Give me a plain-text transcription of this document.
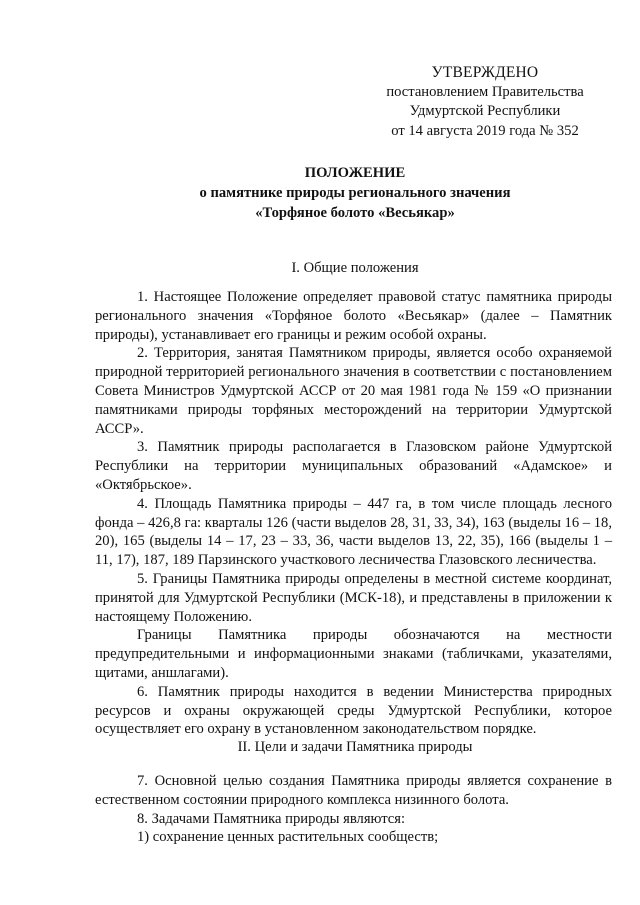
УТВЕРЖДЕНО
постановлением Правительства
Удмуртской Республики
от 14 августа 2019 года № 352
ПОЛОЖЕНИЕ
о памятнике природы регионального значения
«Торфяное болото «Весьякар»
I. Общие положения

1. Настоящее Положение определяет правовой статус памятника природы регионального значения «Торфяное болото «Весьякар» (далее – Памятник природы), устанавливает его границы и режим особой охраны.

2. Территория, занятая Памятником природы, является особо охраняемой природной территорией регионального значения в соответствии с постановлением Совета Министров Удмуртской АССР от 20 мая 1981 года № 159 «О признании памятниками природы торфяных месторождений на территории Удмуртской АССР».

3. Памятник природы располагается в Глазовском районе Удмуртской Республики на территории муниципальных образований «Адамское» и «Октябрьское».

4. Площадь Памятника природы – 447 га, в том числе площадь лесного фонда – 426,8 га: кварталы 126 (части выделов 28, 31, 33, 34), 163 (выделы 16 – 18, 20), 165 (выделы 14 – 17, 23 – 33, 36, части выделов 13, 22, 35), 166 (выделы 1 – 11, 17), 187, 189 Парзинского участкового лесничества Глазовского лесничества.

5. Границы Памятника природы определены в местной системе координат, принятой для Удмуртской Республики (МСК-18), и представлены в приложении к настоящему Положению.

Границы Памятника природы обозначаются на местности предупредительными и информационными знаками (табличками, указателями, щитами, аншлагами).

6. Памятник природы находится в ведении Министерства природных ресурсов и охраны окружающей среды Удмуртской Республики, которое осуществляет его охрану в установленном законодательством порядке.

II. Цели и задачи Памятника природы

7. Основной целью создания Памятника природы является сохранение в естественном состоянии природного комплекса низинного болота.

8. Задачами Памятника природы являются:

1) сохранение ценных растительных сообществ;
